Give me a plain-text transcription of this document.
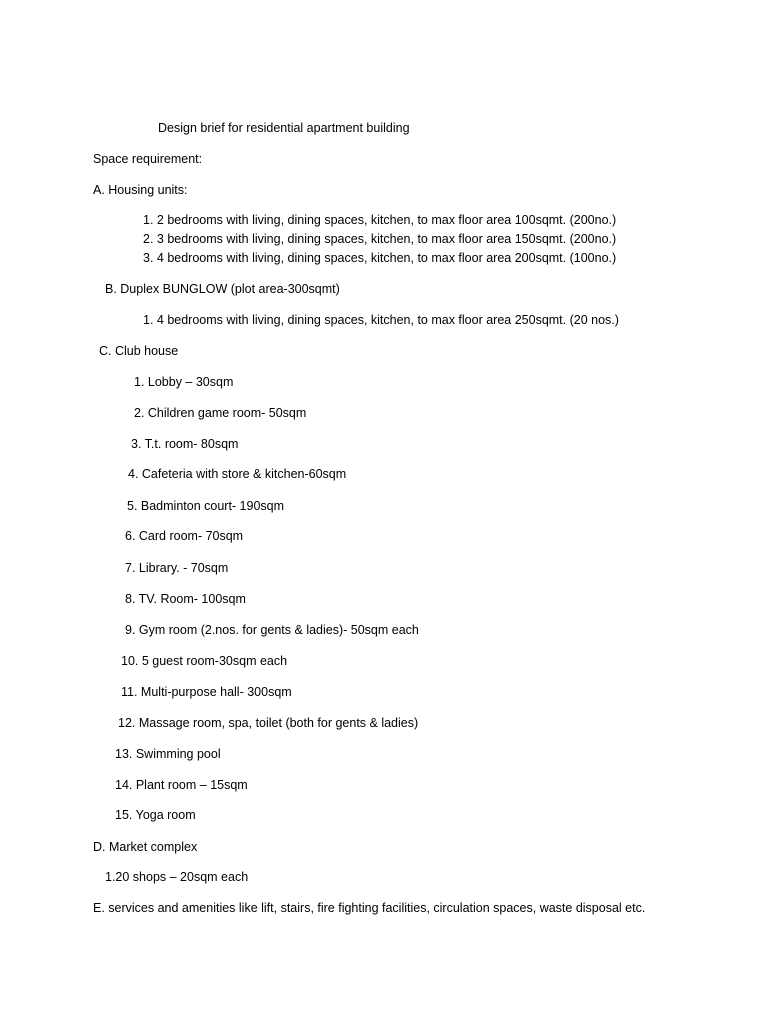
Design brief for residential apartment building
Space requirement:
A. Housing units:
1. 2 bedrooms with living, dining spaces, kitchen, to max floor area 100sqmt. (200no.)
2. 3 bedrooms with living, dining spaces, kitchen, to max floor area 150sqmt. (200no.)
3. 4 bedrooms with living, dining spaces, kitchen, to max floor area 200sqmt. (100no.)
B. Duplex BUNGLOW (plot area-300sqmt)
1. 4 bedrooms with living, dining spaces, kitchen, to max floor area 250sqmt. (20 nos.)
C. Club house
1. Lobby – 30sqm
2. Children game room- 50sqm
3. T.t. room- 80sqm
4. Cafeteria with store & kitchen-60sqm
5. Badminton court- 190sqm
6. Card room- 70sqm
7. Library. - 70sqm
8. TV. Room- 100sqm
9. Gym room (2.nos. for gents & ladies)- 50sqm each
10. 5 guest room-30sqm each
11. Multi-purpose hall- 300sqm
12. Massage room, spa, toilet (both for gents & ladies)
13. Swimming pool
14. Plant room – 15sqm
15. Yoga room
D. Market complex
1.20 shops – 20sqm each
E. services and amenities like lift, stairs, fire fighting facilities, circulation spaces, waste disposal etc.
